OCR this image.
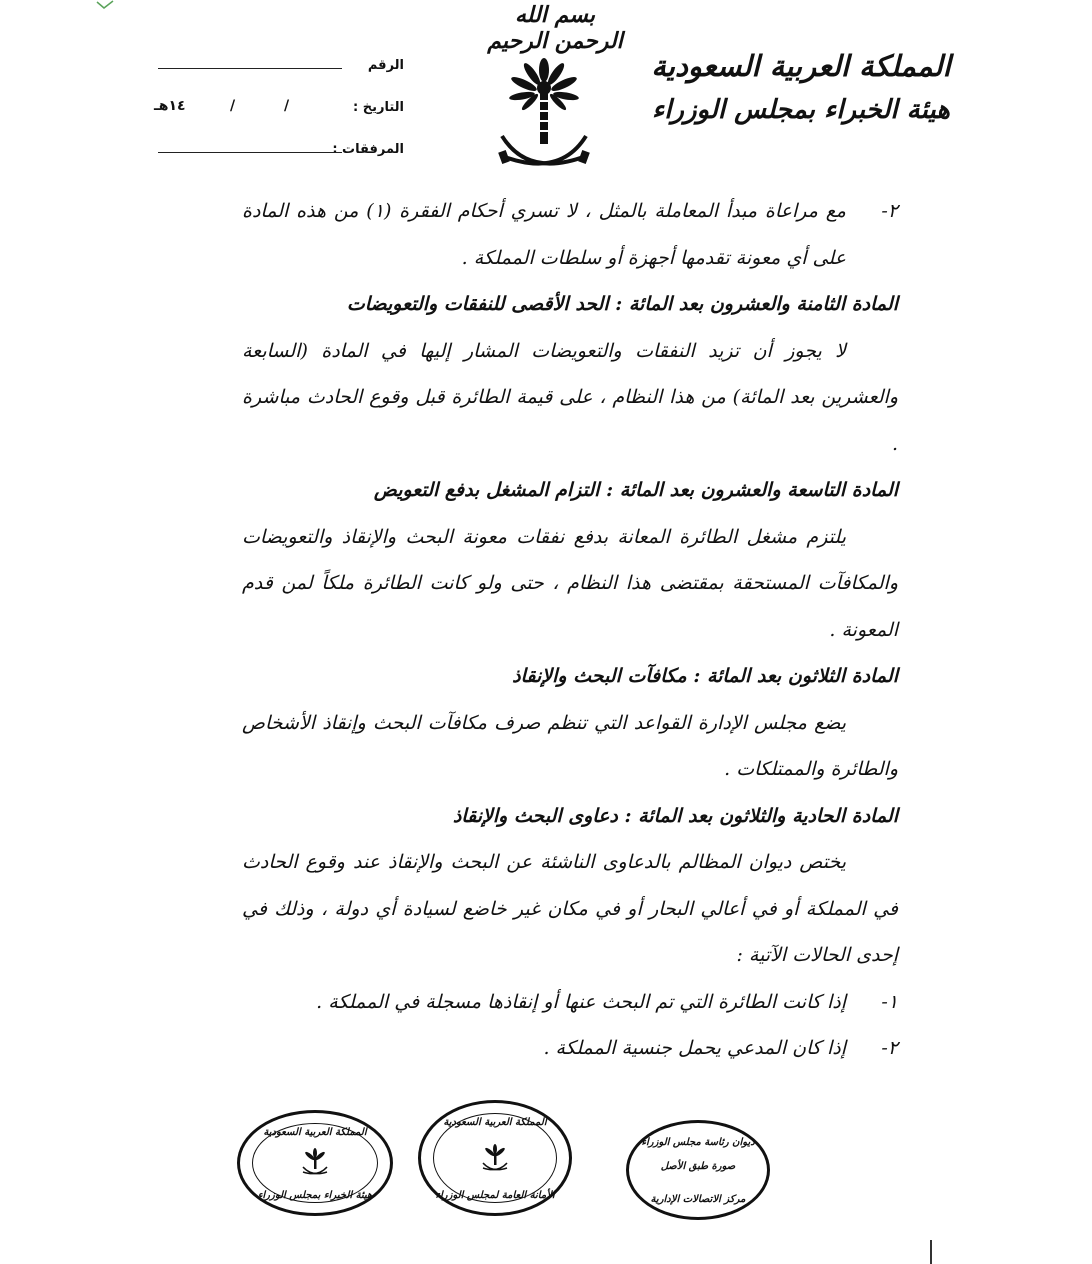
بسم الله الرحمن الرحيم
المملكة العربية السعودية
هيئة الخبراء بمجلس الوزراء
الرقم
التاريخ :
١٤هـ	/	/
المرفقات :

٢-
مع مراعاة مبدأ المعاملة بالمثل ، لا تسري أحكام الفقرة (١) من هذه المادة على أي معونة تقدمها أجهزة أو سلطات المملكة .

المادة الثامنة والعشرون بعد المائة : الحد الأقصى للنفقات والتعويضات

لا يجوز أن تزيد النفقات والتعويضات المشار إليها في المادة (السابعة والعشرين بعد المائة) من هذا النظام ، على قيمة الطائرة قبل وقوع الحادث مباشرة .

المادة التاسعة والعشرون بعد المائة : التزام المشغل بدفع التعويض

يلتزم مشغل الطائرة المعانة بدفع نفقات معونة البحث والإنقاذ والتعويضات والمكافآت المستحقة بمقتضى هذا النظام ، حتى ولو كانت الطائرة ملكاً لمن قدم المعونة .

المادة الثلاثون بعد المائة : مكافآت البحث والإنقاذ

يضع مجلس الإدارة القواعد التي تنظم صرف مكافآت البحث وإنقاذ الأشخاص والطائرة والممتلكات .

المادة الحادية والثلاثون بعد المائة : دعاوى البحث والإنقاذ

يختص ديوان المظالم بالدعاوى الناشئة عن البحث والإنقاذ عند وقوع الحادث في المملكة أو في أعالي البحار أو في مكان غير خاضع لسيادة أي دولة ، وذلك في إحدى الحالات الآتية :

١-
إذا كانت الطائرة التي تم البحث عنها أو إنقاذها مسجلة في المملكة .

٢-
إذا كان المدعي يحمل جنسية المملكة .

المملكة العربية السعودية
هيئة الخبراء بمجلس الوزراء
المملكة العربية السعودية
الأمانة العامة لمجلس الوزراء
ديوان رئاسة مجلس الوزراء
صورة طبق الأصل
مركز الاتصالات الإدارية
